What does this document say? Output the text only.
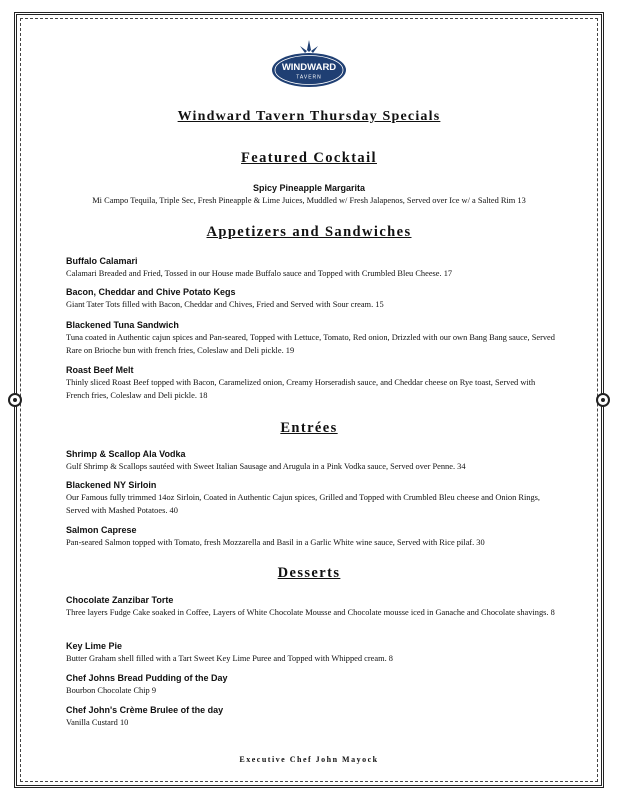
WINDWARD
TAVERN
Windward Tavern Thursday Specials
Featured Cocktail
Spicy Pineapple Margarita
Mi Campo Tequila, Triple Sec, Fresh Pineapple & Lime Juices, Muddled w/ Fresh Jalapenos, Served over Ice w/ a Salted Rim 13
Appetizers and Sandwiches
Buffalo Calamari
Calamari Breaded and Fried, Tossed in our House made Buffalo sauce and Topped with Crumbled Bleu Cheese. 17
Bacon, Cheddar and Chive Potato Kegs
Giant Tater Tots filled with Bacon, Cheddar and Chives, Fried and Served with Sour cream. 15
Blackened Tuna Sandwich
Tuna coated in Authentic cajun spices and Pan-seared, Topped with Lettuce, Tomato, Red onion, Drizzled with our own Bang Bang sauce, Served Rare on Brioche bun with french fries, Coleslaw and Deli pickle. 19
Roast Beef Melt
Thinly sliced Roast Beef topped with Bacon, Caramelized onion, Creamy Horseradish sauce, and Cheddar cheese on Rye toast, Served with French fries, Coleslaw and Deli pickle. 18
Entrées
Shrimp & Scallop Ala Vodka
Gulf Shrimp & Scallops sautéed with Sweet Italian Sausage and Arugula in a Pink Vodka sauce, Served over Penne. 34
Blackened NY Sirloin
Our Famous fully trimmed 14oz Sirloin, Coated in Authentic Cajun spices, Grilled and Topped with Crumbled Bleu cheese and Onion Rings, Served with Mashed Potatoes. 40
Salmon Caprese
Pan-seared Salmon topped with Tomato, fresh Mozzarella and Basil in a Garlic White wine sauce, Served with Rice pilaf. 30
Desserts
Chocolate Zanzibar Torte
Three layers Fudge Cake soaked in Coffee, Layers of White Chocolate Mousse and Chocolate mousse iced in Ganache and Chocolate shavings. 8
Key Lime Pie
Butter Graham shell filled with a Tart Sweet Key Lime Puree and Topped with Whipped cream. 8
Chef Johns Bread Pudding of the Day
Bourbon Chocolate Chip 9
Chef John's Crème Brulee of the day
Vanilla Custard 10
Executive Chef John Mayock
